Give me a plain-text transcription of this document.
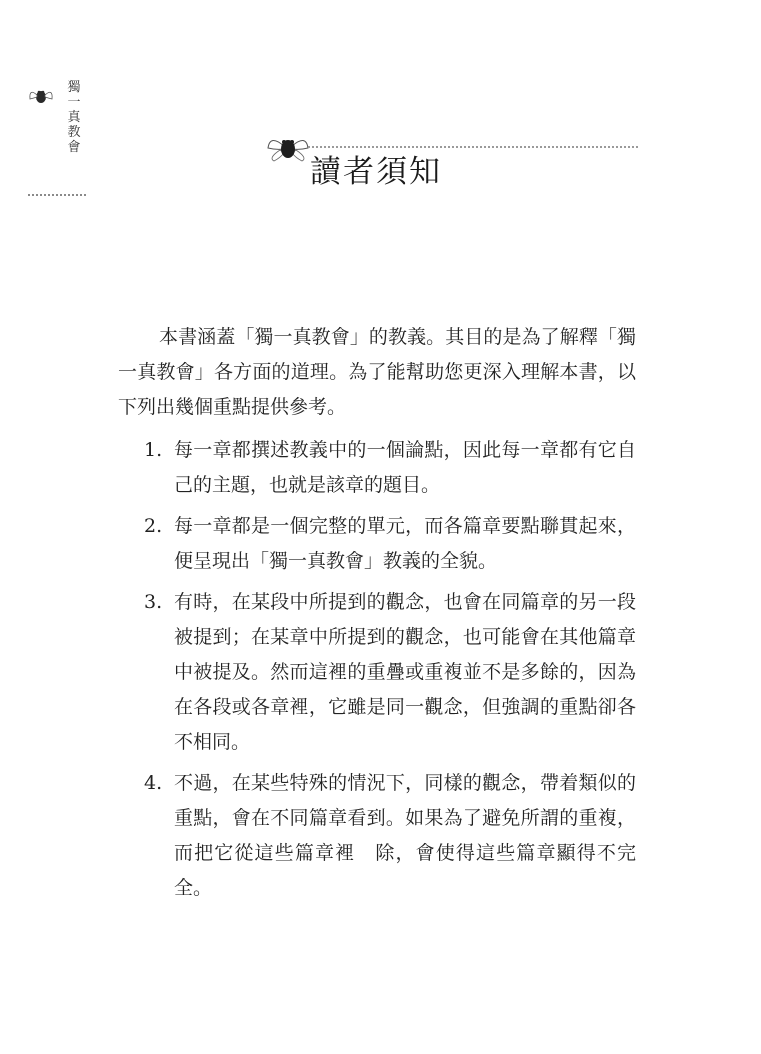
獨
一
真
教
會
讀者須知

本書涵蓋「獨一真教會」的教義。其目的是為了解釋「獨一真教會」各方面的道理。為了能幫助您更深入理解本書，以下列出幾個重點提供參考。

1. 每一章都撰述教義中的一個論點，因此每一章都有它自己的主題，也就是該章的題目。
2. 每一章都是一個完整的單元，而各篇章要點聯貫起來，便呈現出「獨一真教會」教義的全貌。
3. 有時，在某段中所提到的觀念，也會在同篇章的另一段被提到；在某章中所提到的觀念，也可能會在其他篇章中被提及。然而這裡的重疊或重複並不是多餘的，因為在各段或各章裡，它雖是同一觀念，但強調的重點卻各不相同。
4. 不過，在某些特殊的情況下，同樣的觀念，帶着類似的重點，會在不同篇章看到。如果為了避免所謂的重複，而把它從這些篇章裡　除，會使得這些篇章顯得不完全。
